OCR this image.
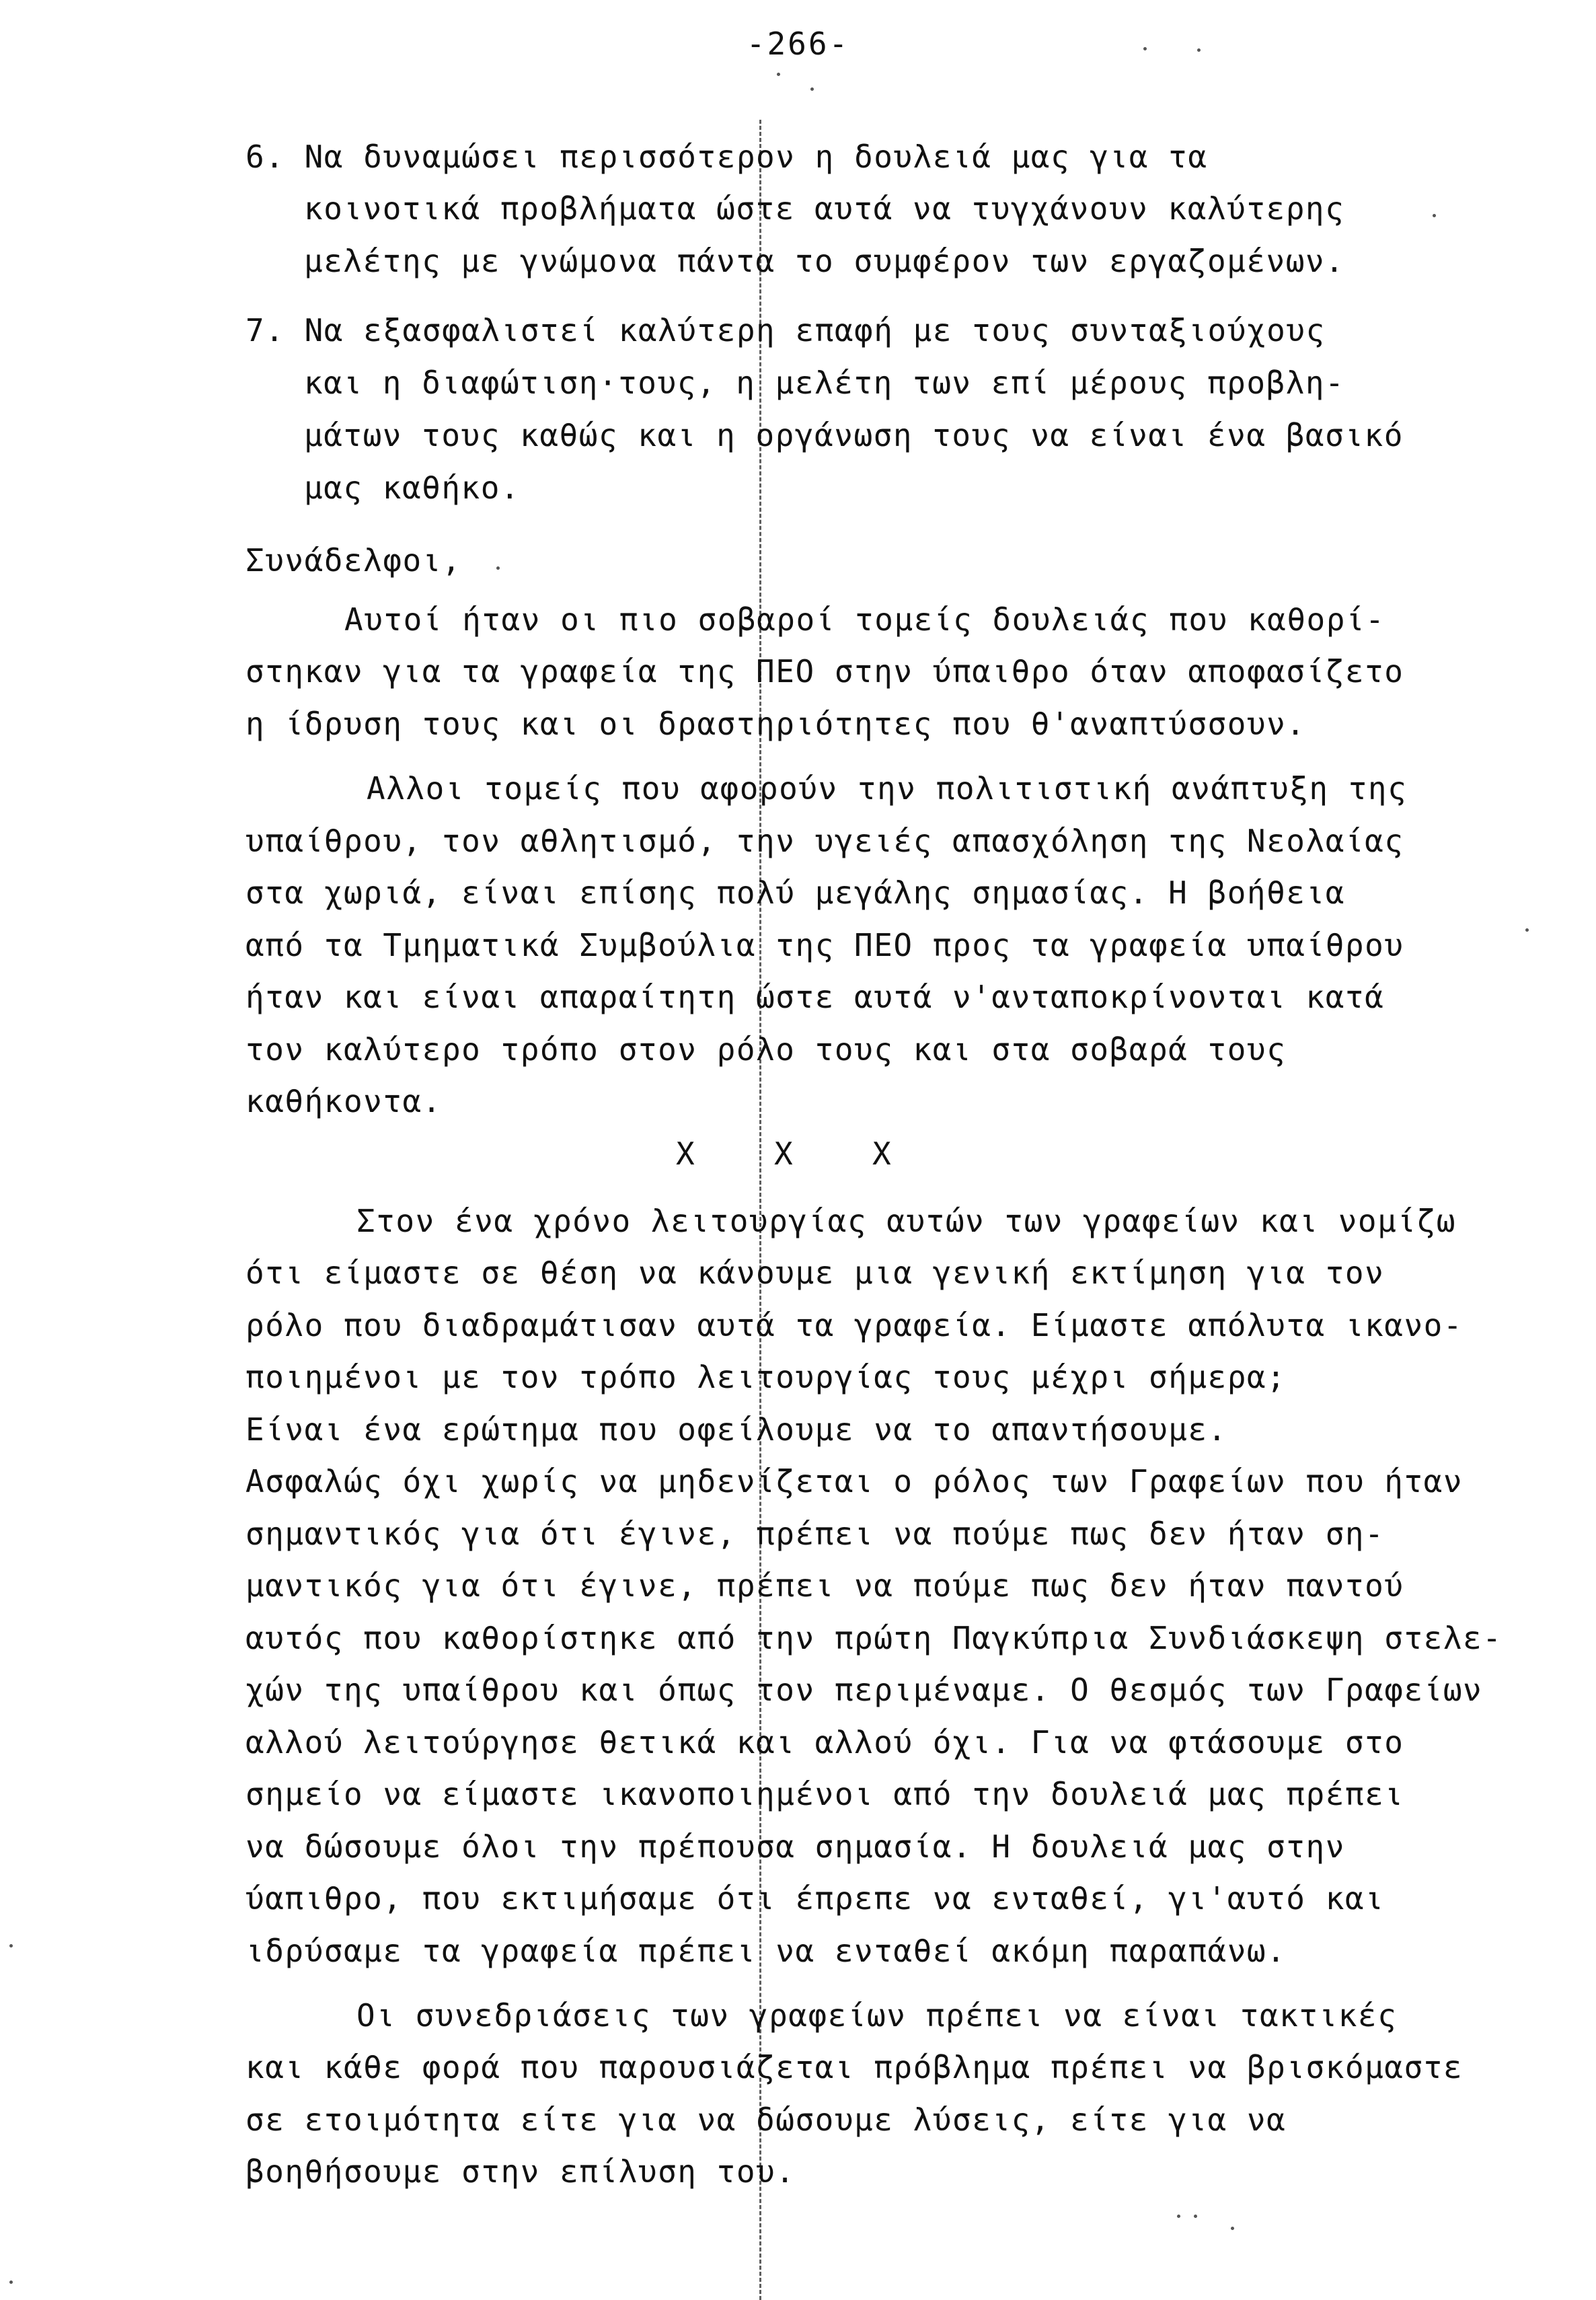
-266-
6. Να δυναμώσει περισσότερον η δουλειά μας για τα
κοινοτικά προβλήματα ώστε αυτά να τυγχάνουν καλύτερης
μελέτης με γνώμονα πάντα το συμφέρον των εργαζομένων.
7. Να εξασφαλιστεί καλύτερη επαφή με τους συνταξιούχους
και η διαφώτιση·τους, η μελέτη των επί μέρους προβλη-
μάτων τους καθώς και η οργάνωση τους να είναι ένα βασικό
μας καθήκο.
Συνάδελφοι,
Αυτοί ήταν οι πιο σοβαροί τομείς δουλειάς που καθορί-
στηκαν για τα γραφεία της ΠΕΟ στην ύπαιθρο όταν αποφασίζετο
η ίδρυση τους και οι δραστηριότητες που θ'αναπτύσσουν.
Αλλοι τομείς που αφορούν την πολιτιστική ανάπτυξη της
υπαίθρου, τον αθλητισμό, την υγειές απασχόληση της Νεολαίας
στα χωριά, είναι επίσης πολύ μεγάλης σημασίας. Η βοήθεια
από τα Τμηματικά Συμβούλια της ΠΕΟ προς τα γραφεία υπαίθρου
ήταν και είναι απαραίτητη ώστε αυτά ν'ανταποκρίνονται κατά
τον καλύτερο τρόπο στον ρόλο τους και στα σοβαρά τους
καθήκοντα.
Χ    Χ    Χ
Στον ένα χρόνο λειτουργίας αυτών των γραφείων και νομίζω
ότι είμαστε σε θέση να κάνουμε μια γενική εκτίμηση για τον
ρόλο που διαδραμάτισαν αυτά τα γραφεία. Είμαστε απόλυτα ικανο-
ποιημένοι με τον τρόπο λειτουργίας τους μέχρι σήμερα;
Είναι ένα ερώτημα που οφείλουμε να το απαντήσουμε.
Ασφαλώς όχι χωρίς να μηδενίζεται ο ρόλος των Γραφείων που ήταν
σημαντικός για ότι έγινε, πρέπει να πούμε πως δεν ήταν ση-
μαντικός για ότι έγινε, πρέπει να πούμε πως δεν ήταν παντού
αυτός που καθορίστηκε από την πρώτη Παγκύπρια Συνδιάσκεψη στελε-
χών της υπαίθρου και όπως τον περιμέναμε. Ο θεσμός των Γραφείων
αλλού λειτούργησε θετικά και αλλού όχι. Για να φτάσουμε στο
σημείο να είμαστε ικανοποιημένοι από την δουλειά μας πρέπει
να δώσουμε όλοι την πρέπουσα σημασία. Η δουλειά μας στην
ύαπιθρο, που εκτιμήσαμε ότι έπρεπε να ενταθεί, γι'αυτό και
ιδρύσαμε τα γραφεία πρέπει να ενταθεί ακόμη παραπάνω.
Οι συνεδριάσεις των γραφείων πρέπει να είναι τακτικές
και κάθε φορά που παρουσιάζεται πρόβλημα πρέπει να βρισκόμαστε
σε ετοιμότητα είτε για να δώσουμε λύσεις, είτε για να
βοηθήσουμε στην επίλυση του.
